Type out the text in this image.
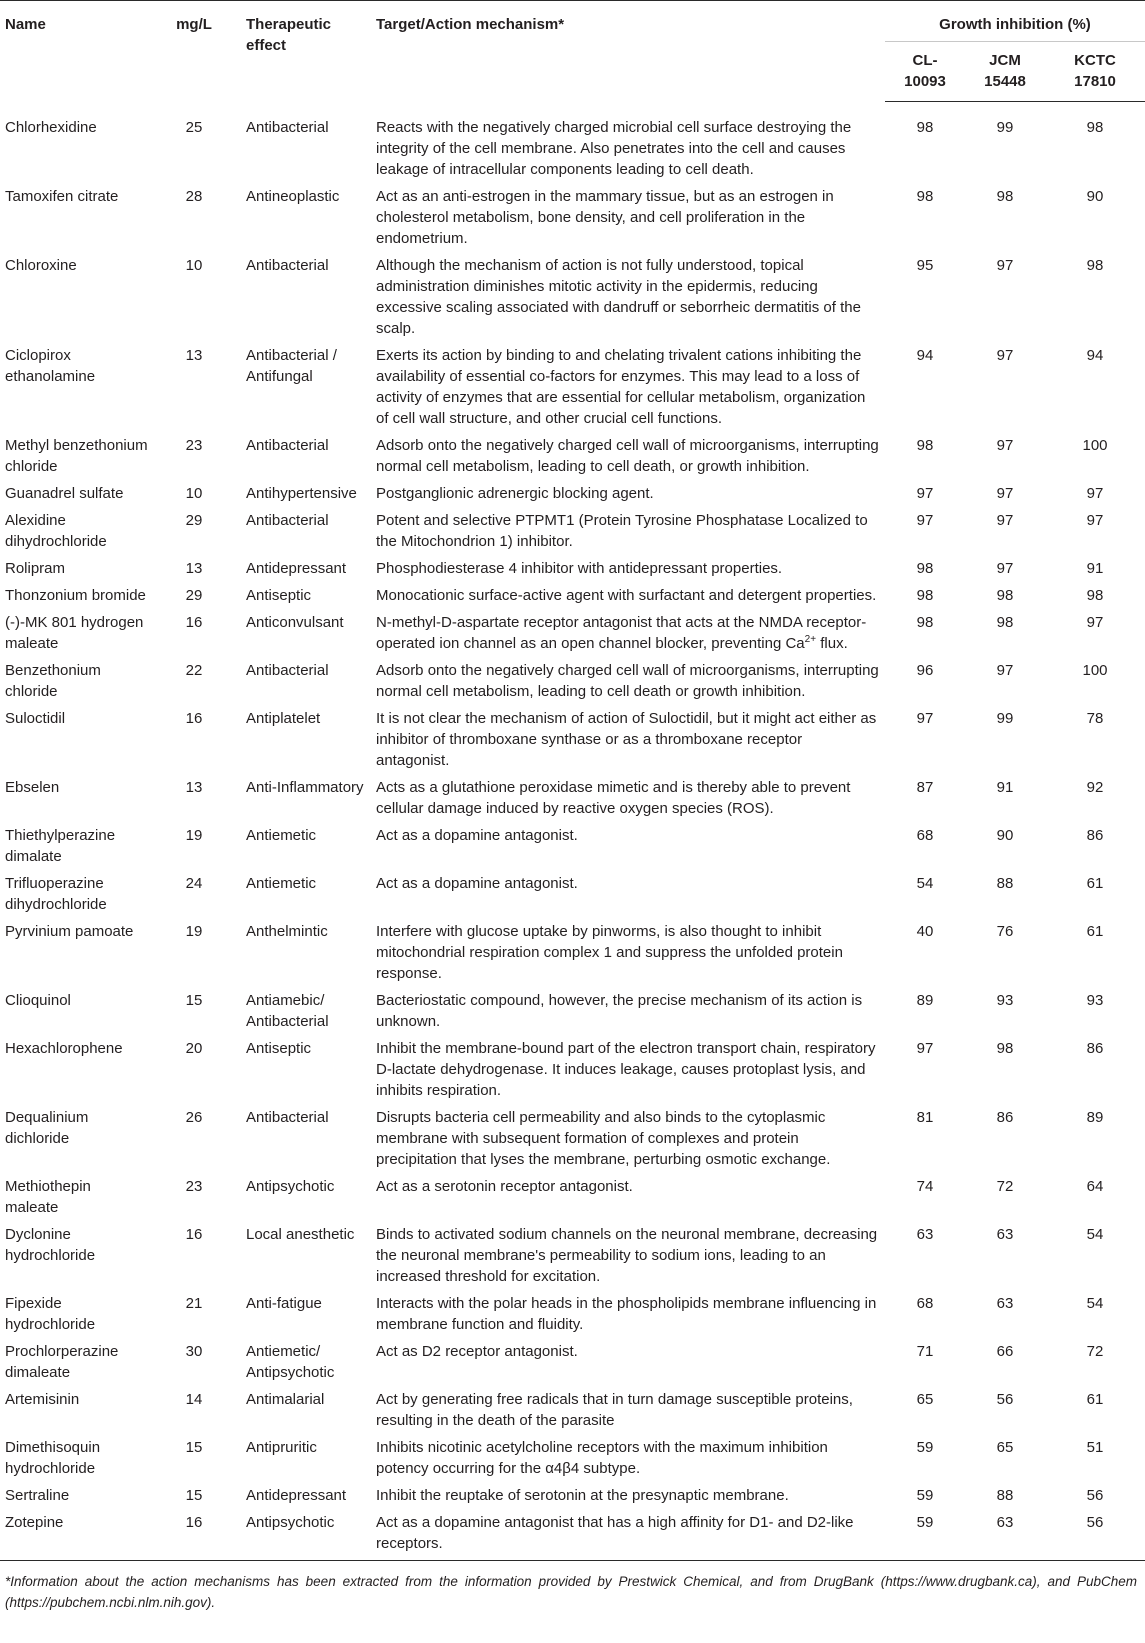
Name	mg/L	Therapeutic effect	Target/Action mechanism*	Growth inhibition (%)		
				CL-10093	JCM 15448	KCTC 17810
Chlorhexidine	25	Antibacterial	Reacts with the negatively charged microbial cell surface destroying the integrity of the cell membrane. Also penetrates into the cell and causes leakage of intracellular components leading to cell death.	98	99	98
Tamoxifen citrate	28	Antineoplastic	Act as an anti-estrogen in the mammary tissue, but as an estrogen in cholesterol metabolism, bone density, and cell proliferation in the endometrium.	98	98	90
Chloroxine	10	Antibacterial	Although the mechanism of action is not fully understood, topical administration diminishes mitotic activity in the epidermis, reducing excessive scaling associated with dandruff or seborrheic dermatitis of the scalp.	95	97	98
Ciclopirox ethanolamine	13	Antibacterial / Antifungal	Exerts its action by binding to and chelating trivalent cations inhibiting the availability of essential co-factors for enzymes. This may lead to a loss of activity of enzymes that are essential for cellular metabolism, organization of cell wall structure, and other crucial cell functions.	94	97	94
Methyl benzethonium chloride	23	Antibacterial	Adsorb onto the negatively charged cell wall of microorganisms, interrupting normal cell metabolism, leading to cell death, or growth inhibition.	98	97	100
Guanadrel sulfate	10	Antihypertensive	Postganglionic adrenergic blocking agent.	97	97	97
Alexidine dihydrochloride	29	Antibacterial	Potent and selective PTPMT1 (Protein Tyrosine Phosphatase Localized to the Mitochondrion 1) inhibitor.	97	97	97
Rolipram	13	Antidepressant	Phosphodiesterase 4 inhibitor with antidepressant properties.	98	97	91
Thonzonium bromide	29	Antiseptic	Monocationic surface-active agent with surfactant and detergent properties.	98	98	98
(-)-MK 801 hydrogen maleate	16	Anticonvulsant	N-methyl-D-aspartate receptor antagonist that acts at the NMDA receptor-operated ion channel as an open channel blocker, preventing $Ca^{2+}$ flux.	98	98	97
Benzethonium chloride	22	Antibacterial	Adsorb onto the negatively charged cell wall of microorganisms, interrupting normal cell metabolism, leading to cell death or growth inhibition.	96	97	100
Suloctidil	16	Antiplatelet	It is not clear the mechanism of action of Suloctidil, but it might act either as inhibitor of thromboxane synthase or as a thromboxane receptor antagonist.	97	99	78
Ebselen	13	Anti-Inflammatory	Acts as a glutathione peroxidase mimetic and is thereby able to prevent cellular damage induced by reactive oxygen species (ROS).	87	91	92
Thiethylperazine dimalate	19	Antiemetic	Act as a dopamine antagonist.	68	90	86
Trifluoperazine dihydrochloride	24	Antiemetic	Act as a dopamine antagonist.	54	88	61
Pyrvinium pamoate	19	Anthelmintic	Interfere with glucose uptake by pinworms, is also thought to inhibit mitochondrial respiration complex 1 and suppress the unfolded protein response.	40	76	61
Clioquinol	15	Antiamebic/ Antibacterial	Bacteriostatic compound, however, the precise mechanism of its action is unknown.	89	93	93
Hexachlorophene	20	Antiseptic	Inhibit the membrane-bound part of the electron transport chain, respiratory D-lactate dehydrogenase. It induces leakage, causes protoplast lysis, and inhibits respiration.	97	98	86
Dequalinium dichloride	26	Antibacterial	Disrupts bacteria cell permeability and also binds to the cytoplasmic membrane with subsequent formation of complexes and protein precipitation that lyses the membrane, perturbing osmotic exchange.	81	86	89
Methiothepin maleate	23	Antipsychotic	Act as a serotonin receptor antagonist.	74	72	64
Dyclonine hydrochloride	16	Local anesthetic	Binds to activated sodium channels on the neuronal membrane, decreasing the neuronal membrane's permeability to sodium ions, leading to an increased threshold for excitation.	63	63	54
Fipexide hydrochloride	21	Anti-fatigue	Interacts with the polar heads in the phospholipids membrane influencing in membrane function and fluidity.	68	63	54
Prochlorperazine dimaleate	30	Antiemetic/ Antipsychotic	Act as D2 receptor antagonist.	71	66	72
Artemisinin	14	Antimalarial	Act by generating free radicals that in turn damage susceptible proteins, resulting in the death of the parasite	65	56	61
Dimethisoquin hydrochloride	15	Antipruritic	Inhibits nicotinic acetylcholine receptors with the maximum inhibition potency occurring for the α4β4 subtype.	59	65	51
Sertraline	15	Antidepressant	Inhibit the reuptake of serotonin at the presynaptic membrane.	59	88	56
Zotepine	16	Antipsychotic	Act as a dopamine antagonist that has a high affinity for D1- and D2-like receptors.	59	63	56

*Information about the action mechanisms has been extracted from the information provided by Prestwick Chemical, and from DrugBank (https://www.drugbank.ca), and PubChem (https://pubchem.ncbi.nlm.nih.gov).
